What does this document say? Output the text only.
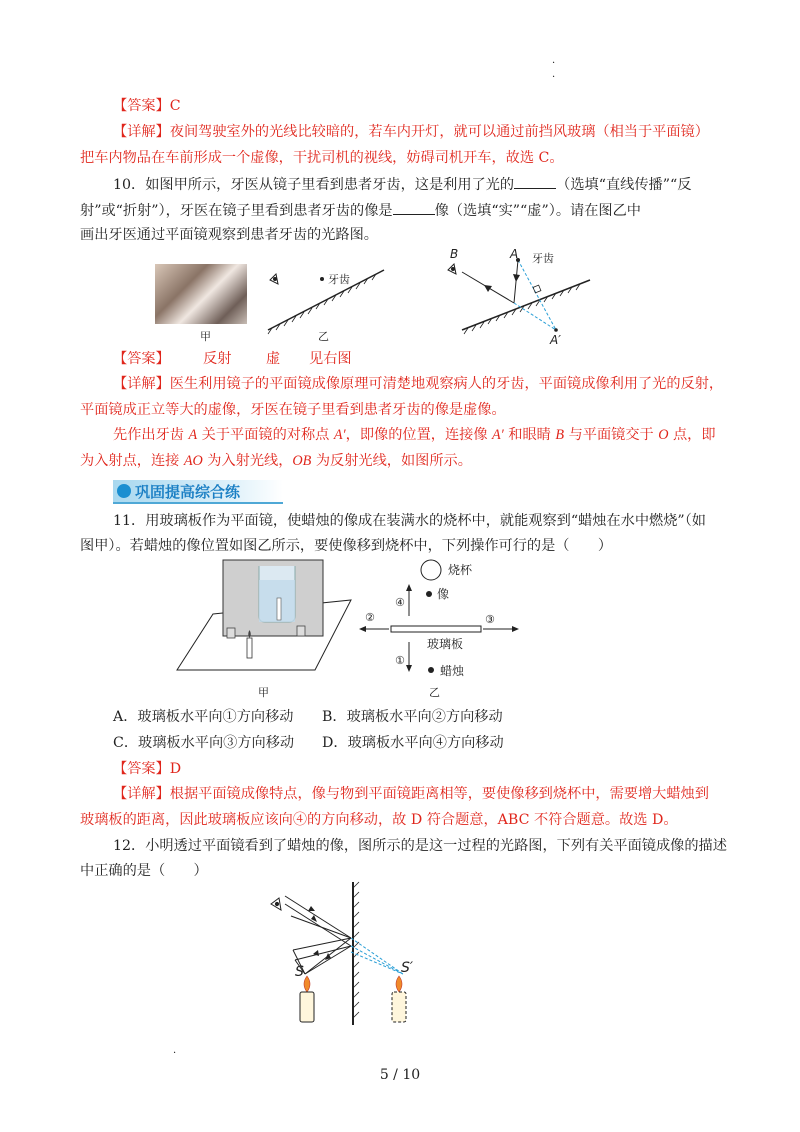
·
·
【答案】C
【详解】夜间驾驶室外的光线比较暗的，若车内开灯，就可以通过前挡风玻璃（相当于平面镜）
把车内物品在车前形成一个虚像，干扰司机的视线，妨碍司机开车，故选 C。
10．如图甲所示，牙医从镜子里看到患者牙齿，这是利用了光的	（选填“直线传播”“反
射”或“折射”），牙医在镜子里看到患者牙齿的像是	像（选填“实”“虚”）。请在图乙中
画出牙医通过平面镜观察到患者牙齿的光路图。
甲
牙齿
乙
A 牙齿
B
A′
【答案】 反射 虚 见右图
【详解】医生利用镜子的平面镜成像原理可清楚地观察病人的牙齿，平面镜成像利用了光的反射，
平面镜成正立等大的虚像，牙医在镜子里看到患者牙齿的像是虚像。
先作出牙齿 A 关于平面镜的对称点 A′，即像的位置，连接像 A′ 和眼睛 B 与平面镜交于 O 点，即
为入射点，连接 AO 为入射光线，OB 为反射光线，如图所示。
巩固提高综合练
11．用玻璃板作为平面镜，使蜡烛的像成在装满水的烧杯中，就能观察到“蜡烛在水中燃烧”（如
图甲）。若蜡烛的像位置如图乙所示，要使像移到烧杯中，下列操作可行的是（　　）
甲
烧杯
④
像
②	③
玻璃板
①
蜡烛
乙
A．玻璃板水平向①方向移动 B．玻璃板水平向②方向移动
C．玻璃板水平向③方向移动 D．玻璃板水平向④方向移动
【答案】D
【详解】根据平面镜成像特点，像与物到平面镜距离相等，要使像移到烧杯中，需要增大蜡烛到
玻璃板的距离，因此玻璃板应该向④的方向移动，故 D 符合题意，ABC 不符合题意。故选 D。
12．小明透过平面镜看到了蜡烛的像，图所示的是这一过程的光路图，下列有关平面镜成像的描述
中正确的是（　　）
S	S′
·
5 / 10
